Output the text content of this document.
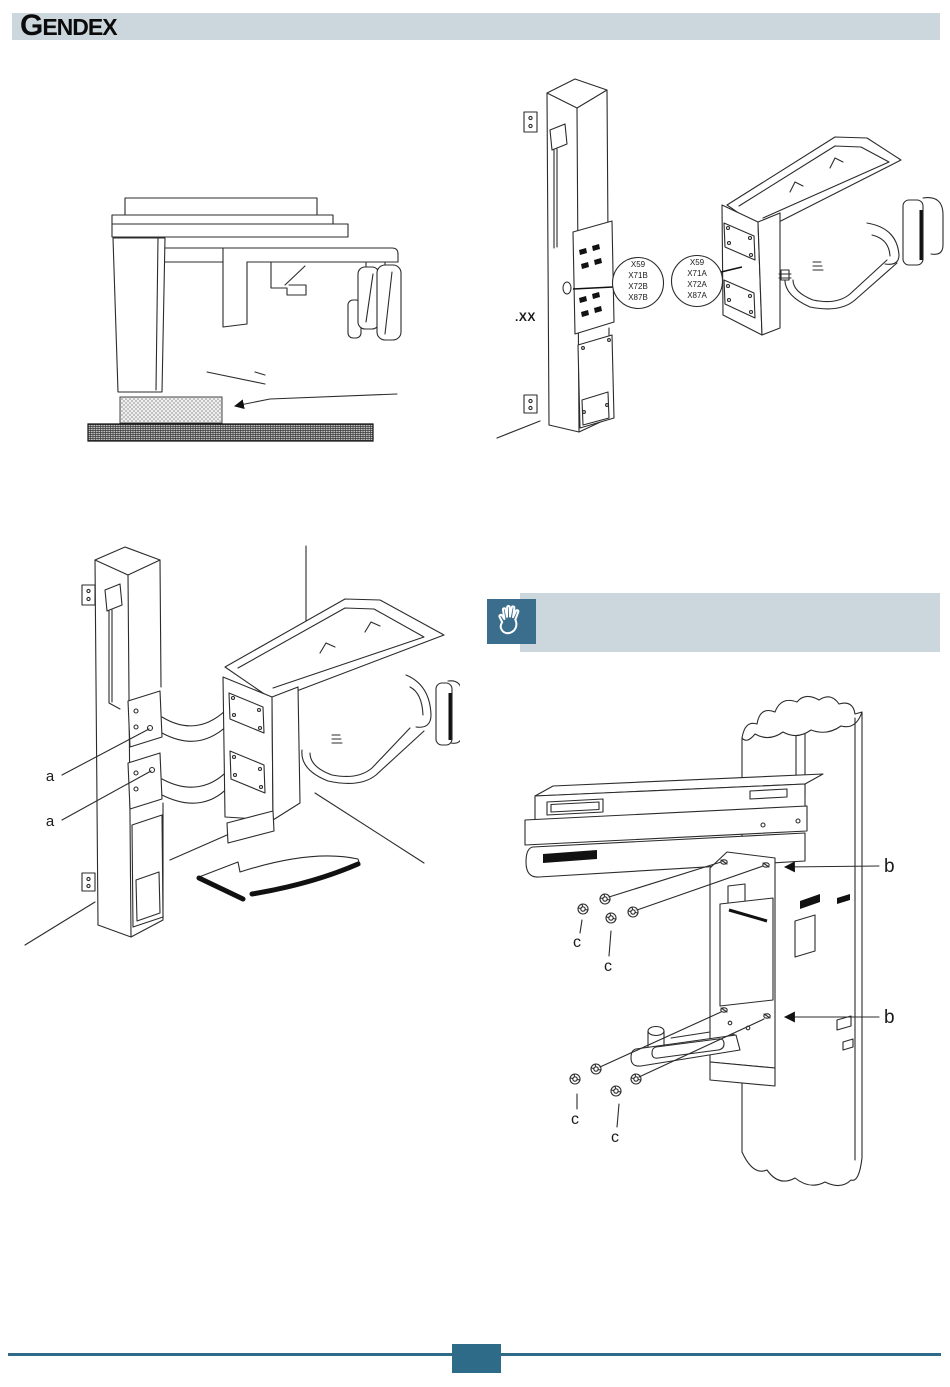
GENDEX
X59
X71B
X72B
X87B
X59
X71A
X72A
X87A
.XX
a
a
c
c
c
c
b
b
